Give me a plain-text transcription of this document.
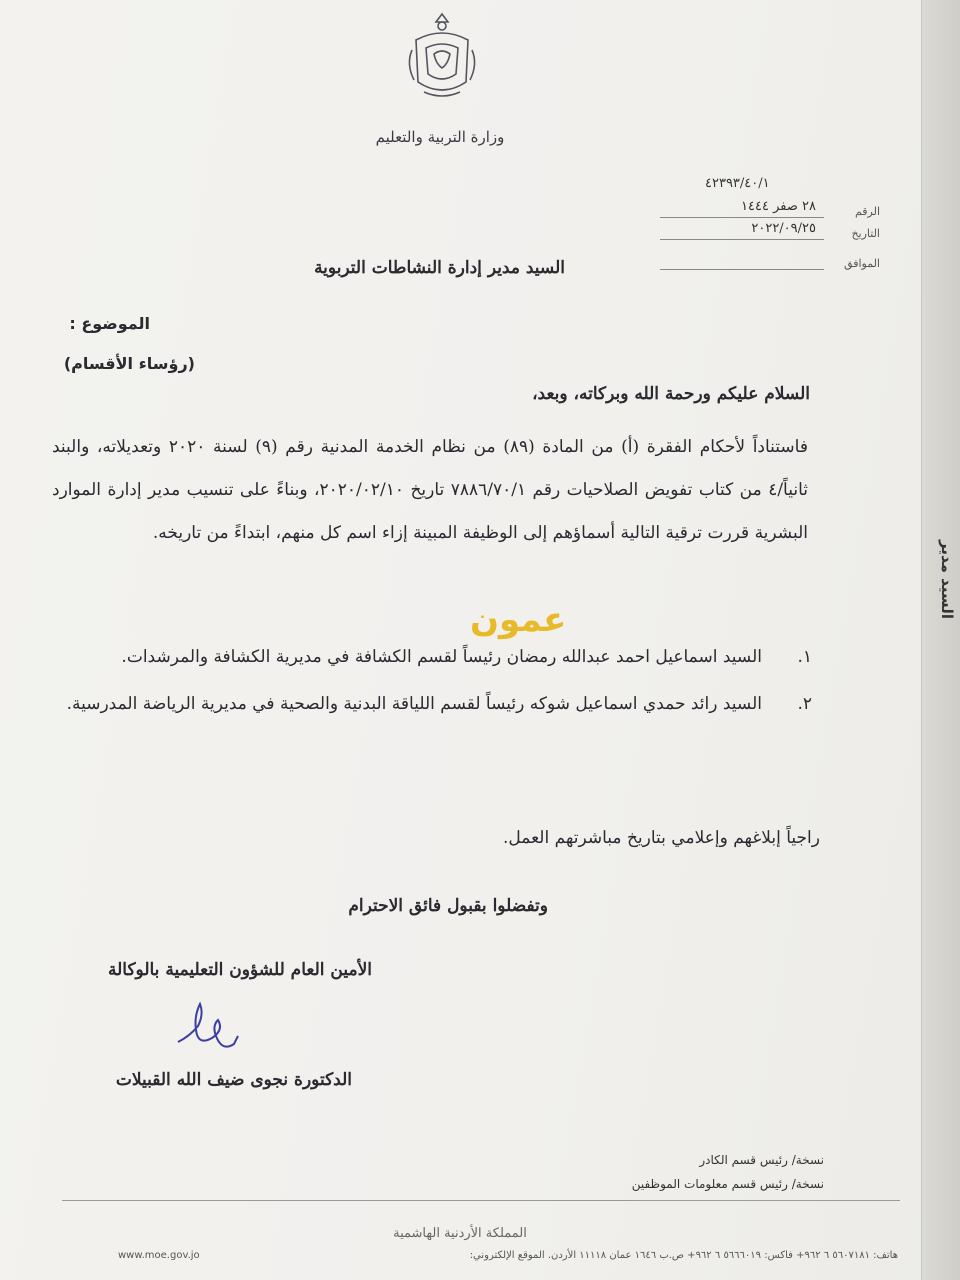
السيد مدير
وزارة التربية والتعليم
٤٢٣٩٣/٤٠/١
الرقم
٢٨ صفر ١٤٤٤
التاريخ
٢٠٢٢/٠٩/٢٥
الموافق
السيد مدير إدارة النشاطات التربوية
الموضوع :
(رؤساء الأقسام)
السلام عليكم ورحمة الله وبركاته، وبعد،
فاستناداً لأحكام الفقرة (أ) من المادة (٨٩) من نظام الخدمة المدنية رقم (٩) لسنة ٢٠٢٠ وتعديلاته، والبند ثانياً/٤ من كتاب تفويض الصلاحيات رقم ٧٨٨٦/٧٠/١ تاريخ ٢٠٢٠/٠٢/١٠، وبناءً على تنسيب مدير إدارة الموارد البشرية قررت ترقية التالية أسماؤهم إلى الوظيفة المبينة إزاء اسم كل منهم، ابتداءً من تاريخه.
١.
السيد اسماعيل احمد عبدالله رمضان رئيساً لقسم الكشافة في مديرية الكشافة والمرشدات.
٢.
السيد رائد حمدي اسماعيل شوكه رئيساً لقسم اللياقة البدنية والصحية في مديرية الرياضة المدرسية.
عمون
راجياً إبلاغهم وإعلامي بتاريخ مباشرتهم العمل.
وتفضلوا بقبول فائق الاحترام
الأمين العام للشؤون التعليمية بالوكالة
الدكتورة نجوى ضيف الله القبيلات
نسخة/ رئيس قسم الكادر
نسخة/ رئيس قسم معلومات الموظفين
المملكة الأردنية الهاشمية
www.moe.gov.jo	هاتف: ٥٦٠٧١٨١ ٦ ٩٦٢+ فاكس: ٥٦٦٦٠١٩ ٦ ٩٦٢+ ص.ب ١٦٤٦ عمان ١١١١٨ الأردن. الموقع الإلكتروني:
